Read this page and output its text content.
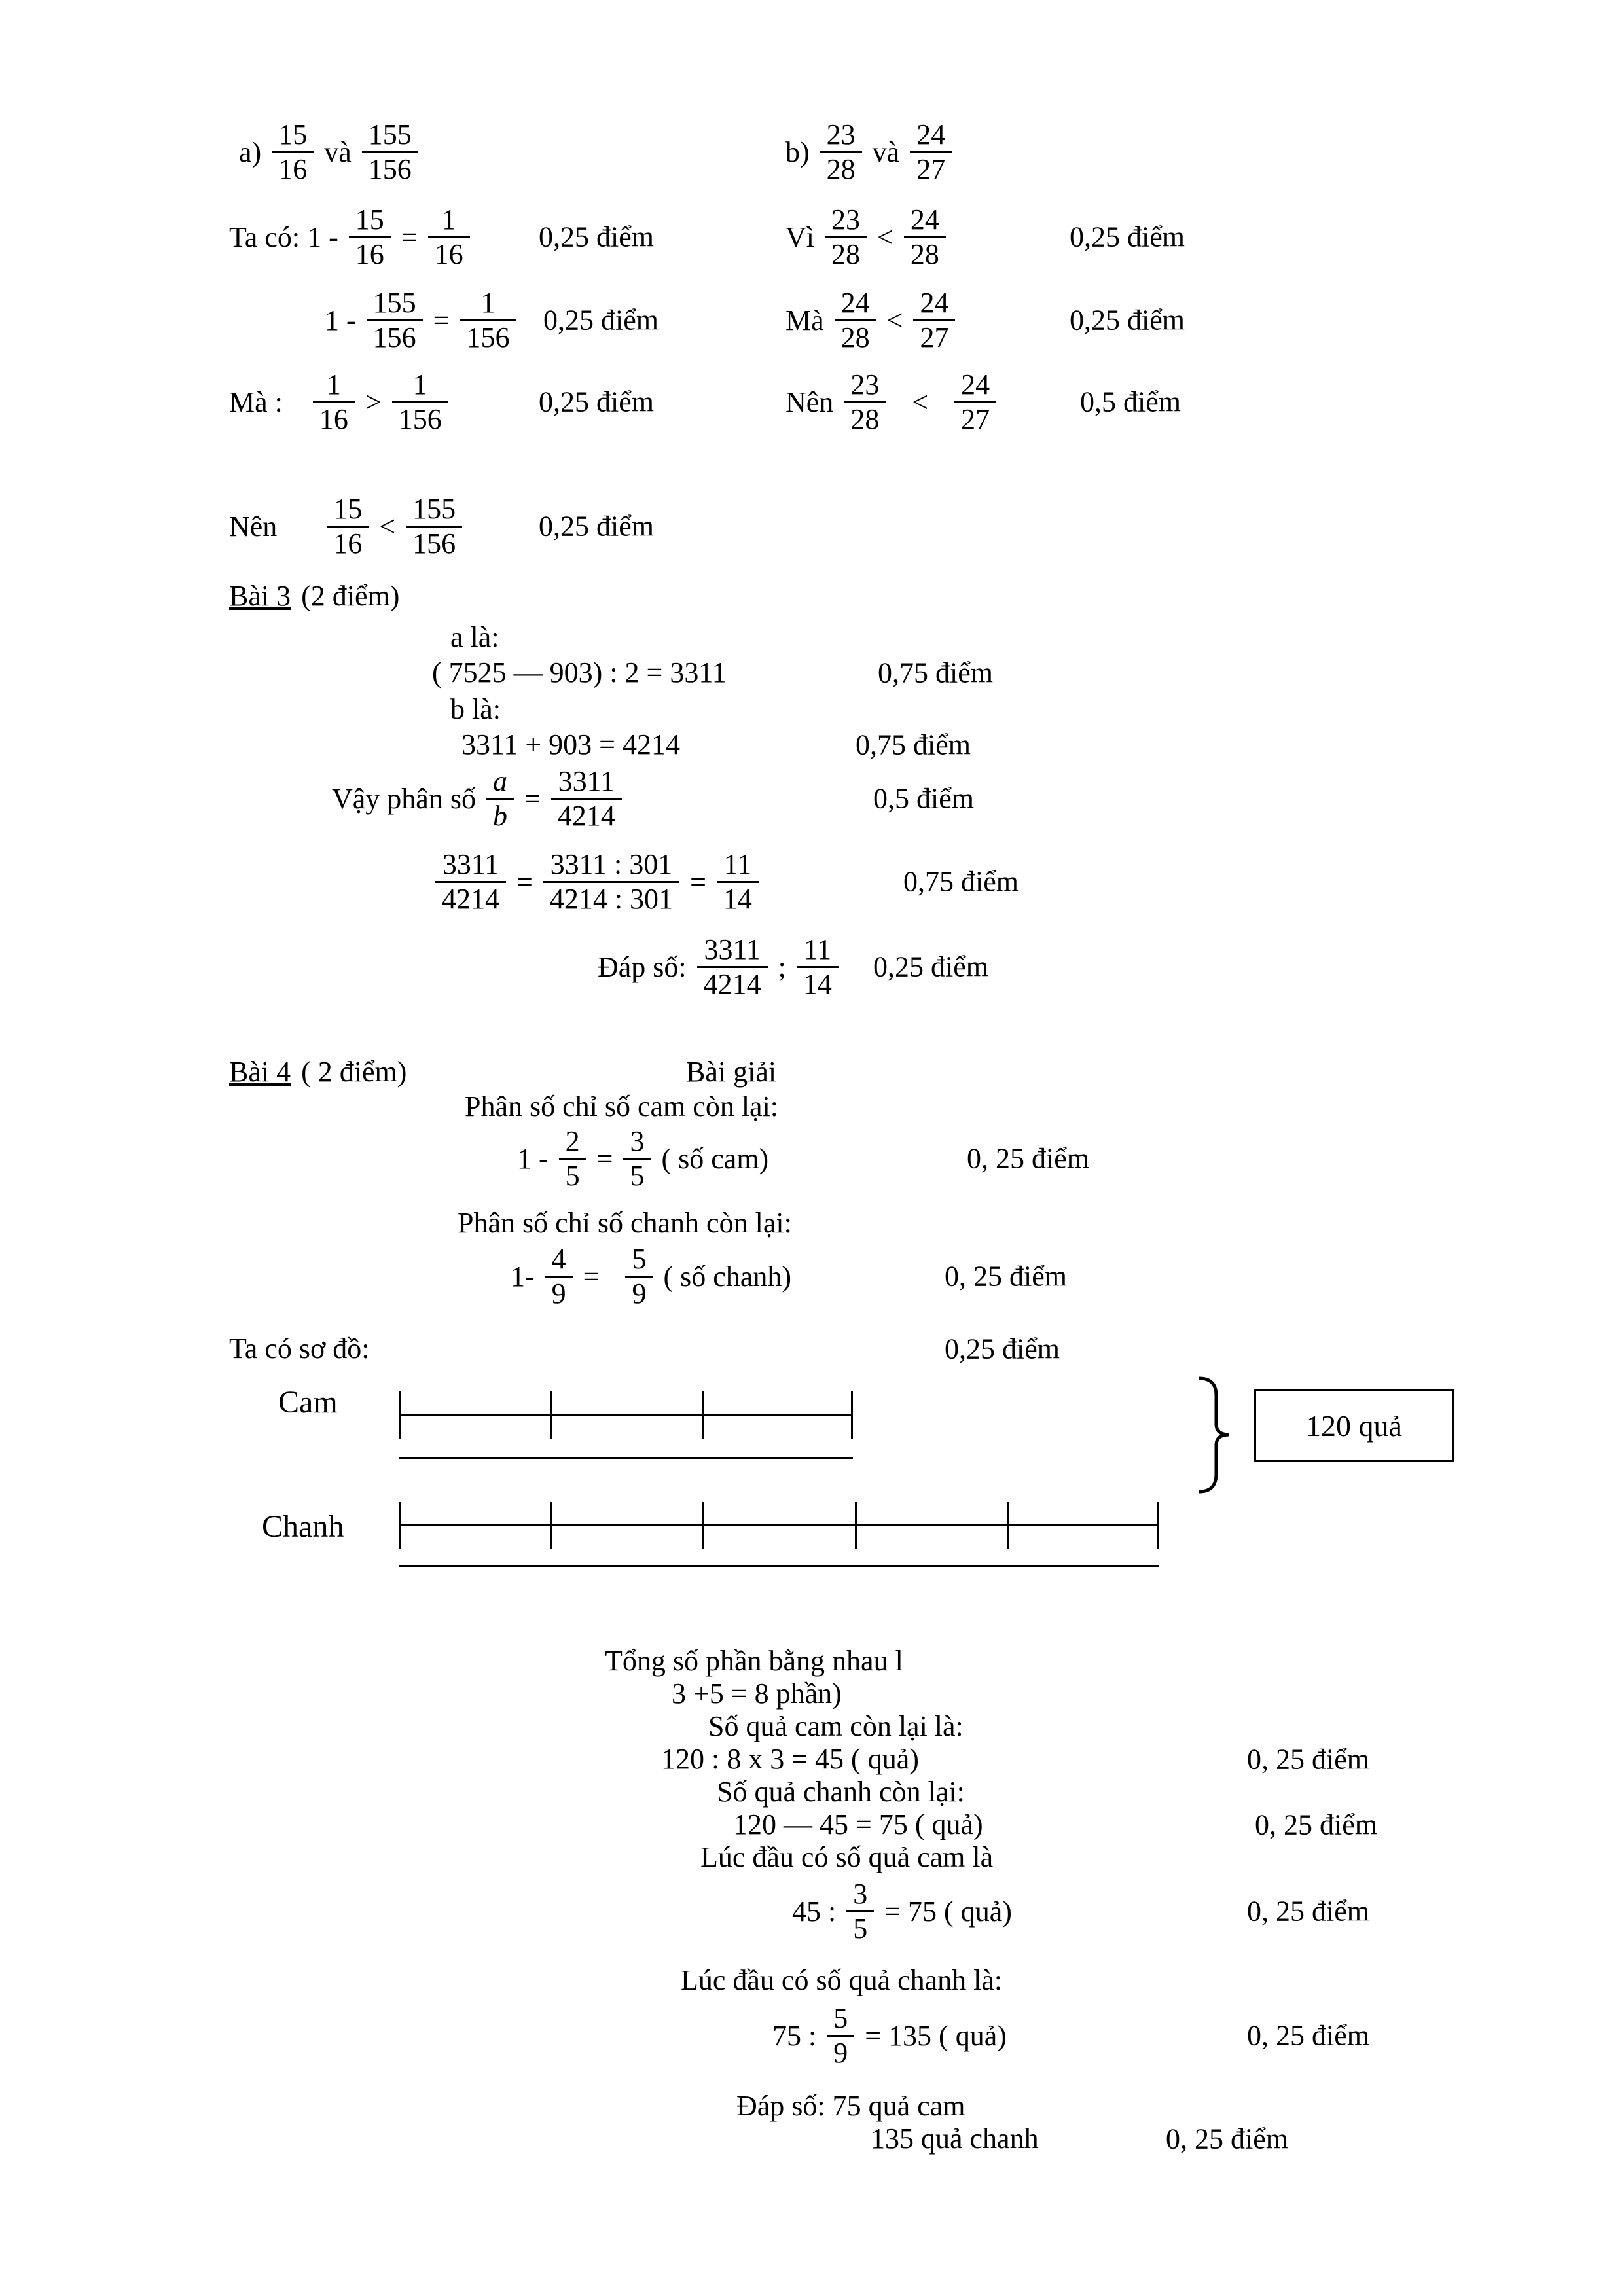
$a) \frac{15}{16}$ và $\frac{155}{156}$
Ta có: $1 - \frac{15}{16} = \frac{1}{16} 0,25$ điểm
$1 - \frac{155}{156} = \frac{1}{156} 0,25$ điểm
Mà : $\frac{1}{16} > \frac{1}{156}$	0,25 điểm
Nên $\frac{15}{16} < \frac{155}{156}$	0,25 điểm
$b) \frac{23}{28}$ và $\frac{24}{27}$
Vì $\frac{23}{28} < \frac{24}{28}$	0,25 điểm
Mà $\frac{24}{28} < \frac{24}{27}$	0,25 điểm
Nên $\frac{23}{28} < \frac{24}{27}$	0,5 điểm
Bài 3 (2 điểm)
a là:
( 7525 — 903) : 2 = 3311	0,75 điểm
b là:
3311 + 903 = 4214	0,75 điểm
Vậy phân số $\frac{a}{b} = \frac{3311}{4214}$	0,5 điểm
$\frac{3311}{4214} = \frac{3311 : 301}{4214 : 301} = \frac{11}{14}$	0,75 điểm
Đáp số: $\frac{3311}{4214}$ ; $\frac{11}{14} 0,25$ điểm
Bài 4 ( 2 điểm)	Bài giải
Phân số chỉ số cam còn lại:
$1 - \frac{2}{5} = \frac{3}{5}$ ( số cam)	0, 25 điểm
Phân số chỉ số chanh còn lại:
$1- \frac{4}{9} = \frac{5}{9}$ ( số chanh)	0, 25 điểm
Ta có sơ đồ:	0,25 điểm
Cam
120 quả
Chanh
Tổng số phần bằng nhau l
3 +5 = 8 phần)
Số quả cam còn lại là:
120 : 8 x 3 = 45 ( quả)	0, 25 điểm
Số quả chanh còn lại:
120 — 45 = 75 ( quả)	0, 25 điểm
Lúc đầu có số quả cam là
45 : $\frac{3}{5} = 75$ ( quả)	0, 25 điểm
Lúc đầu có số quả chanh là:
75 : $\frac{5}{9} = 135$ ( quả)	0, 25 điểm
Đáp số: 75 quả cam
135 quả chanh	0, 25 điểm
